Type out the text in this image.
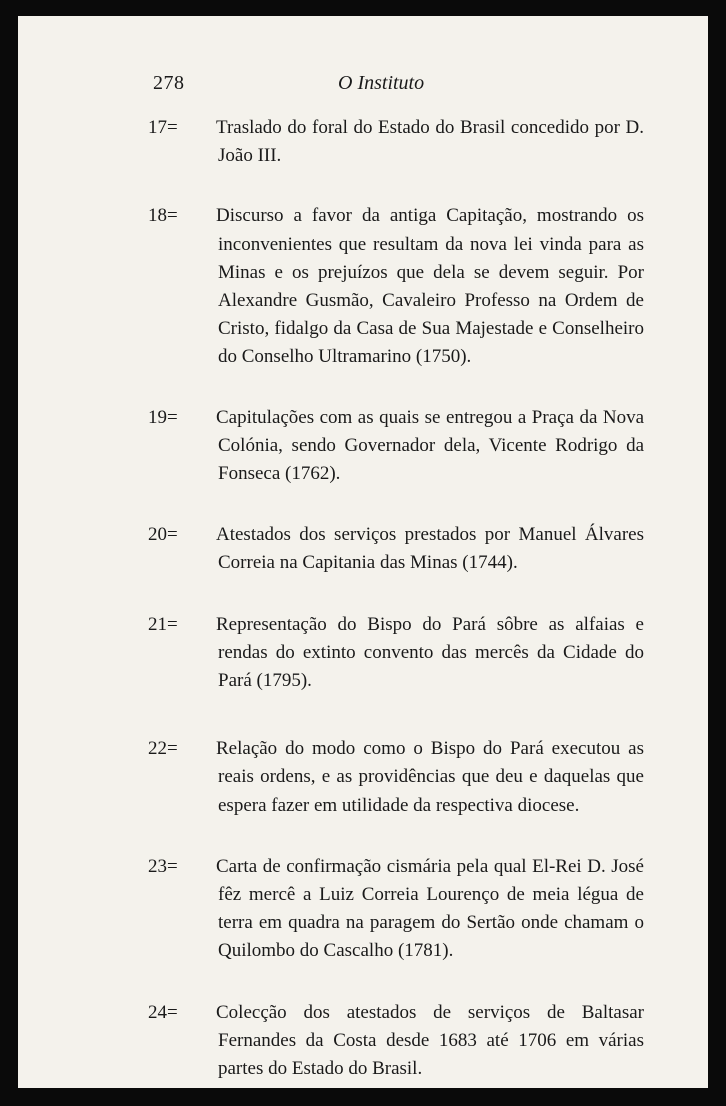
278	O Instituto
17=	Traslado do foral do Estado do Brasil concedido por D. João III.
18=	Discurso a favor da antiga Capitação, mostrando os inconvenientes que resultam da nova lei vinda para as Minas e os prejuízos que dela se devem seguir. Por Alexandre Gusmão, Cavaleiro Professo na Ordem de Cristo, fidalgo da Casa de Sua Majestade e Conselheiro do Conselho Ultramarino (1750).
19=	Capitulações com as quais se entregou a Praça da Nova Colónia, sendo Governador dela, Vicente Rodrigo da Fonseca (1762).
20=	Atestados dos serviços prestados por Manuel Álvares Correia na Capitania das Minas (1744).
21=	Representação do Bispo do Pará sôbre as alfaias e rendas do extinto convento das mercês da Cidade do Pará (1795).
22=	Relação do modo como o Bispo do Pará executou as reais ordens, e as providências que deu e daquelas que espera fazer em utilidade da respectiva diocese.
23=	Carta de confirmação cismária pela qual El-Rei D. José fêz mercê a Luiz Correia Lourenço de meia légua de terra em quadra na paragem do Sertão onde chamam o Quilombo do Cascalho (1781).
24=	Colecção dos atestados de serviços de Baltasar Fernandes da Costa desde 1683 até 1706 em várias partes do Estado do Brasil.
